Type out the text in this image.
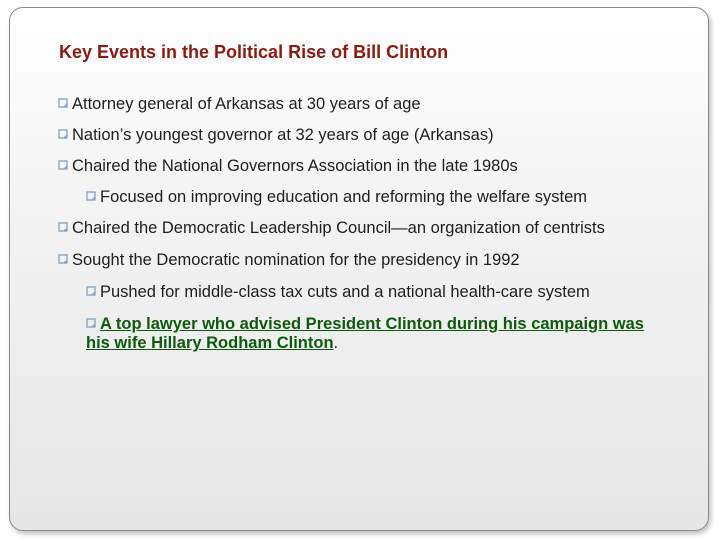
Key Events in the Political Rise of Bill Clinton
Attorney general of Arkansas at 30 years of age
Nation’s youngest governor at 32 years of age (Arkansas)
Chaired the National Governors Association in the late 1980s
Focused on improving education and reforming the welfare system
Chaired the Democratic Leadership Council—an organization of centrists
Sought the Democratic nomination for the presidency in 1992
Pushed for middle-class tax cuts and a national health-care system
A top lawyer who advised President Clinton during his campaign was
his wife Hillary Rodham Clinton.
